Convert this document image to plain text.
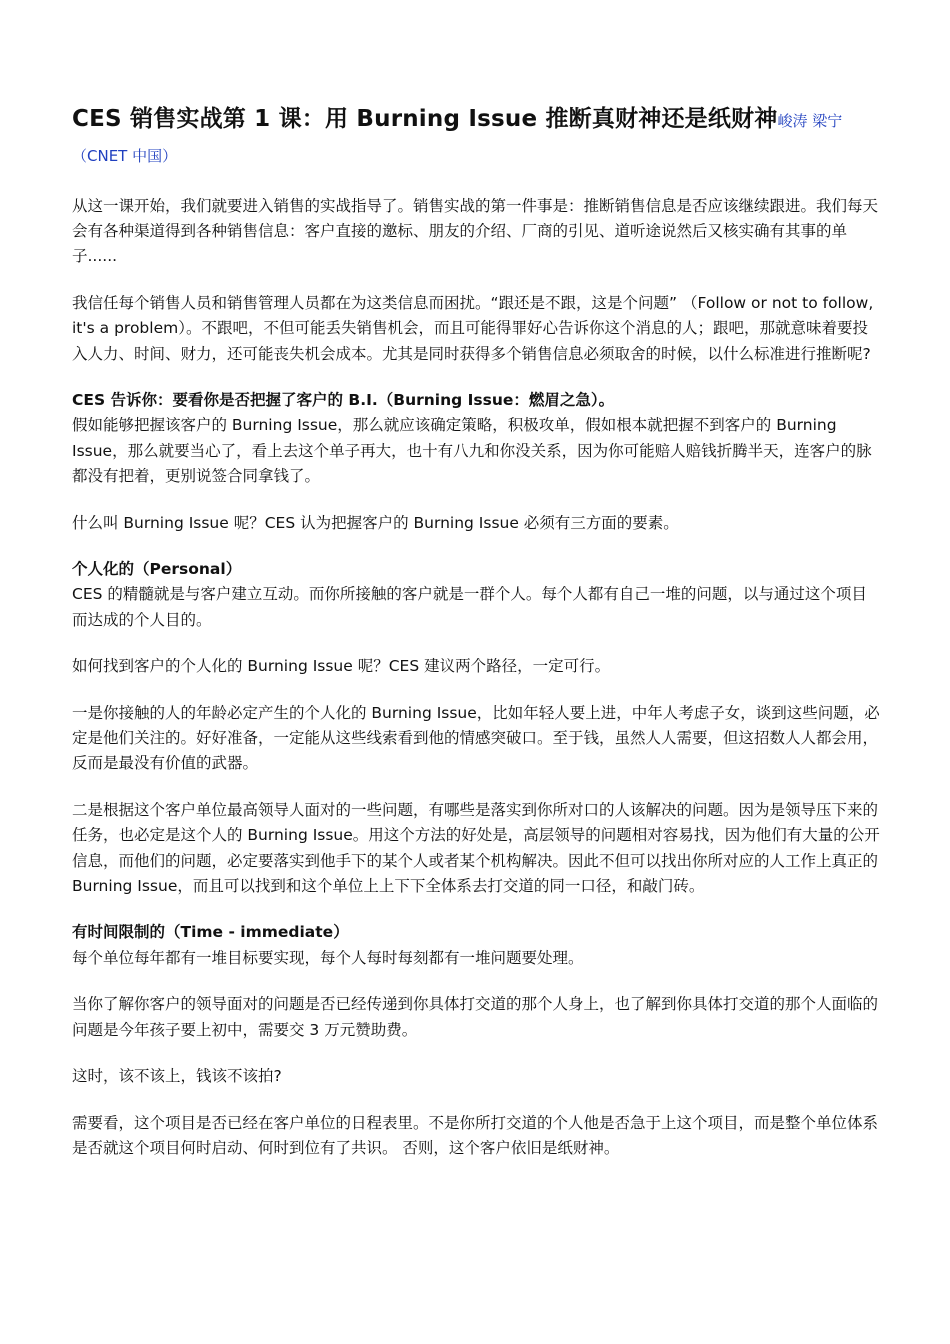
CES 销售实战第 1 课：用 Burning Issue 推断真财神还是纸财神峻涛 梁宁
（CNET 中国）

从这一课开始，我们就要进入销售的实战指导了。销售实战的第一件事是：推断销售信息是否应该继续跟进。我们每天会有各种渠道得到各种销售信息：客户直接的邀标、朋友的介绍、厂商的引见、道听途说然后又核实确有其事的单子......

我信任每个销售人员和销售管理人员都在为这类信息而困扰。“跟还是不跟，这是个问题” （Follow or not to follow, it's a problem）。不跟吧，不但可能丢失销售机会，而且可能得罪好心告诉你这个消息的人；跟吧，那就意味着要投入人力、时间、财力，还可能丧失机会成本。尤其是同时获得多个销售信息必须取舍的时候，以什么标准进行推断呢?

CES 告诉你：要看你是否把握了客户的 B.I.（Burning Issue：燃眉之急）。

假如能够把握该客户的 Burning Issue，那么就应该确定策略，积极攻单，假如根本就把握不到客户的 Burning Issue，那么就要当心了，看上去这个单子再大，也十有八九和你没关系，因为你可能赔人赔钱折腾半天，连客户的脉都没有把着，更别说签合同拿钱了。

什么叫 Burning Issue 呢？CES 认为把握客户的 Burning Issue 必须有三方面的要素。

个人化的（Personal）

CES 的精髓就是与客户建立互动。而你所接触的客户就是一群个人。每个人都有自己一堆的问题，以与通过这个项目而达成的个人目的。

如何找到客户的个人化的 Burning Issue 呢？CES 建议两个路径，一定可行。

一是你接触的人的年龄必定产生的个人化的 Burning Issue，比如年轻人要上进，中年人考虑子女，谈到这些问题，必定是他们关注的。好好准备，一定能从这些线索看到他的情感突破口。至于钱，虽然人人需要，但这招数人人都会用，反而是最没有价值的武器。

二是根据这个客户单位最高领导人面对的一些问题，有哪些是落实到你所对口的人该解决的问题。因为是领导压下来的任务，也必定是这个人的 Burning Issue。用这个方法的好处是，高层领导的问题相对容易找，因为他们有大量的公开信息，而他们的问题，必定要落实到他手下的某个人或者某个机构解决。因此不但可以找出你所对应的人工作上真正的 Burning Issue，而且可以找到和这个单位上上下下全体系去打交道的同一口径，和敲门砖。

有时间限制的（Time - immediate）

每个单位每年都有一堆目标要实现，每个人每时每刻都有一堆问题要处理。

当你了解你客户的领导面对的问题是否已经传递到你具体打交道的那个人身上，也了解到你具体打交道的那个人面临的问题是今年孩子要上初中，需要交 3 万元赞助费。

这时，该不该上，钱该不该拍?

需要看，这个项目是否已经在客户单位的日程表里。不是你所打交道的个人他是否急于上这个项目，而是整个单位体系是否就这个项目何时启动、何时到位有了共识。 否则，这个客户依旧是纸财神。
